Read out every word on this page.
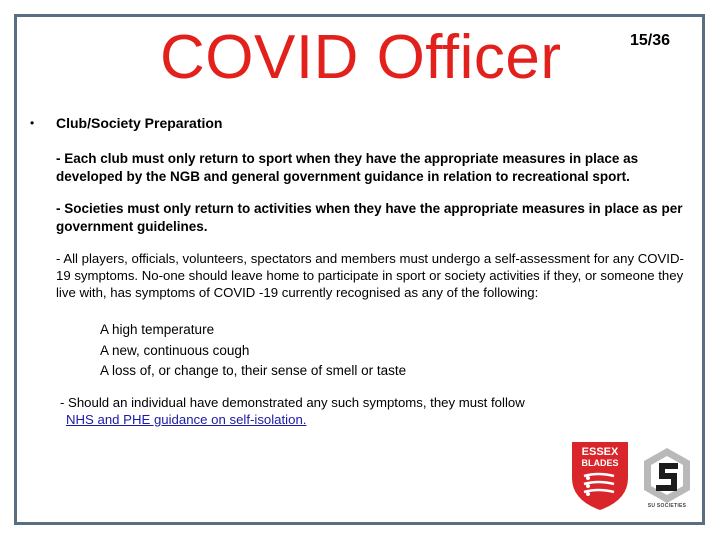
COVID Officer	15/36
• Club/Society Preparation
- Each club must only return to sport when they have the appropriate measures in place as developed by the NGB and general government guidance in relation to recreational sport.
- Societies must only return to activities when they have the appropriate measures in place as per government guidelines.
- All players, officials, volunteers, spectators and members must undergo a self-assessment for any COVID-19 symptoms. No-one should leave home to participate in sport or society activities if they, or someone they live with, has symptoms of COVID -19 currently recognised as any of the following:
A high temperature
A new, continuous cough
A loss of, or change to, their sense of smell or taste
- Should an individual have demonstrated any such symptoms, they must follow
NHS and PHE guidance on self-isolation.
ESSEX
BLADES
SU SOCIETIES
